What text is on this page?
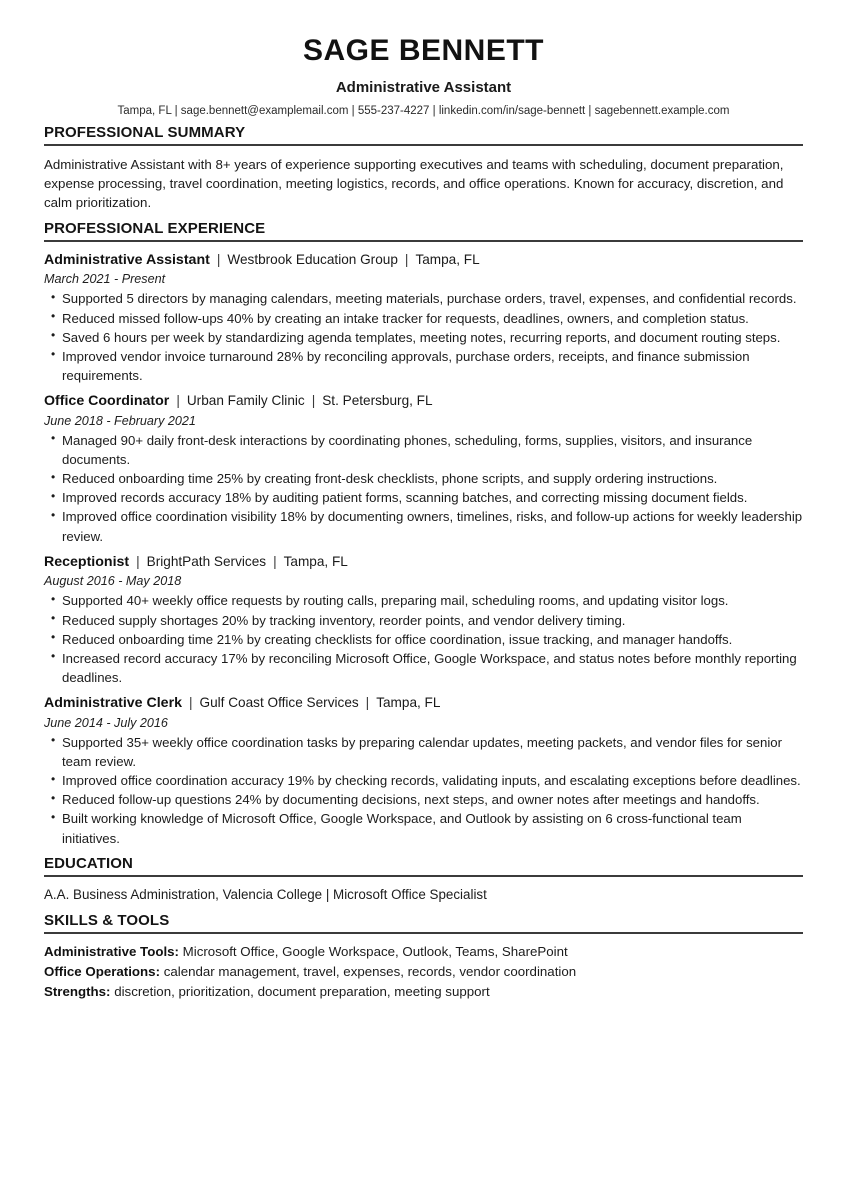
SAGE BENNETT
Administrative Assistant
Tampa, FL | sage.bennett@examplemail.com | 555-237-4227 | linkedin.com/in/sage-bennett | sagebennett.example.com
PROFESSIONAL SUMMARY

Administrative Assistant with 8+ years of experience supporting executives and teams with scheduling, document preparation, expense processing, travel coordination, meeting logistics, records, and office operations. Known for accuracy, discretion, and calm prioritization.

PROFESSIONAL EXPERIENCE
Administrative Assistant | Westbrook Education Group | Tampa, FL
March 2021 - Present
• Supported 5 directors by managing calendars, meeting materials, purchase orders, travel, expenses, and confidential records.
• Reduced missed follow-ups 40% by creating an intake tracker for requests, deadlines, owners, and completion status.
• Saved 6 hours per week by standardizing agenda templates, meeting notes, recurring reports, and document routing steps.
• Improved vendor invoice turnaround 28% by reconciling approvals, purchase orders, receipts, and finance submission requirements.
Office Coordinator | Urban Family Clinic | St. Petersburg, FL
June 2018 - February 2021
• Managed 90+ daily front-desk interactions by coordinating phones, scheduling, forms, supplies, visitors, and insurance documents.
• Reduced onboarding time 25% by creating front-desk checklists, phone scripts, and supply ordering instructions.
• Improved records accuracy 18% by auditing patient forms, scanning batches, and correcting missing document fields.
• Improved office coordination visibility 18% by documenting owners, timelines, risks, and follow-up actions for weekly leadership review.
Receptionist | BrightPath Services | Tampa, FL
August 2016 - May 2018
• Supported 40+ weekly office requests by routing calls, preparing mail, scheduling rooms, and updating visitor logs.
• Reduced supply shortages 20% by tracking inventory, reorder points, and vendor delivery timing.
• Reduced onboarding time 21% by creating checklists for office coordination, issue tracking, and manager handoffs.
• Increased record accuracy 17% by reconciling Microsoft Office, Google Workspace, and status notes before monthly reporting deadlines.
Administrative Clerk | Gulf Coast Office Services | Tampa, FL
June 2014 - July 2016
• Supported 35+ weekly office coordination tasks by preparing calendar updates, meeting packets, and vendor files for senior team review.
• Improved office coordination accuracy 19% by checking records, validating inputs, and escalating exceptions before deadlines.
• Reduced follow-up questions 24% by documenting decisions, next steps, and owner notes after meetings and handoffs.
• Built working knowledge of Microsoft Office, Google Workspace, and Outlook by assisting on 6 cross-functional team initiatives.
EDUCATION

A.A. Business Administration, Valencia College | Microsoft Office Specialist

SKILLS & TOOLS

Administrative Tools: Microsoft Office, Google Workspace, Outlook, Teams, SharePoint

Office Operations: calendar management, travel, expenses, records, vendor coordination

Strengths: discretion, prioritization, document preparation, meeting support
